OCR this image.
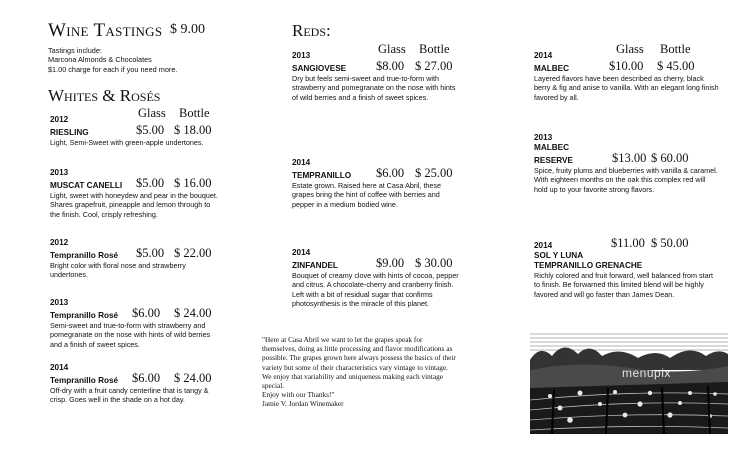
Wine Tastings $ 9.00
Tastings include:
Marcona Almonds & Chocolates
$1.00 charge for each if you need more.
Whites & Rosés
Glass Bottle
2012
RIESLING	$5.00 $ 18.00

Light, Semi-Sweet with green-apple undertones.

2013
MUSCAT CANELLI $5.00 $ 16.00

Light, sweet with honeydew and pear in the bouquet. Shares grapefruit, pineapple and lemon through to the finish. Cool, crisply refreshing.

2012
Tempranillo Rosé $5.00 $ 22.00

Bright color with floral nose and strawberry undertones.

2013
Tempranillo Rosé $6.00 $ 24.00

Semi-sweet and true-to-form with strawberry and pomegranate on the nose with hints of wild berries and a finish of sweet spices.

2014
Tempranillo Rosé $6.00 $ 24.00

Off-dry with a fruit candy centerline that is tangy & crisp. Goes well in the shade on a hot day.

Reds:
Glass Bottle
2013
SANGIOVESE $8.00 $ 27.00

Dry but feels semi-sweet and true-to-form with strawberry and pomegranate on the nose with hints of wild berries and a finish of sweet spices.

2014
TEMPRANILLO $6.00 $ 25.00

Estate grown. Raised here at Casa Abril, these grapes bring the hint of coffee with berries and pepper in a medium bodied wine.

2014
ZINFANDEL	$9.00 $ 30.00

Bouquet of creamy clove with hints of cocoa, pepper and citrus. A chocolate-cherry and cranberry finish. Left with a bit of residual sugar that confirms photosynthesis is the miracle of this planet.

"Here at Casa Abril we want to let the grapes speak for themselves, doing as little processing and flavor modifications as possible. The grapes grown here always possess the basics of their variety but some of their characteristics vary vintage to vintage. We enjoy that variability and uniqueness making each vintage special.
Enjoy with our Thanks!"
Jamie V. Jordan Winemaker
Glass Bottle
2014
MALBEC	$10.00 $ 45.00

Layered flavors have been described as cherry, black berry & fig and anise to vanilla. With an elegant long finish favored by all.

2013
MALBEC
RESERVE	$13.00 $ 60.00

Spice, fruity plums and blueberries with vanilla & caramel. With eighteen months on the oak this complex red will hold up to your favorite strong flavors.

2014	$11.00 $ 50.00
SOL Y LUNA
TEMPRANILLO GRENACHE

Richly colored and fruit forward, well balanced from start to finish. Be forwarned this limited blend will be highly favored and will go faster than James Dean.

menupix
